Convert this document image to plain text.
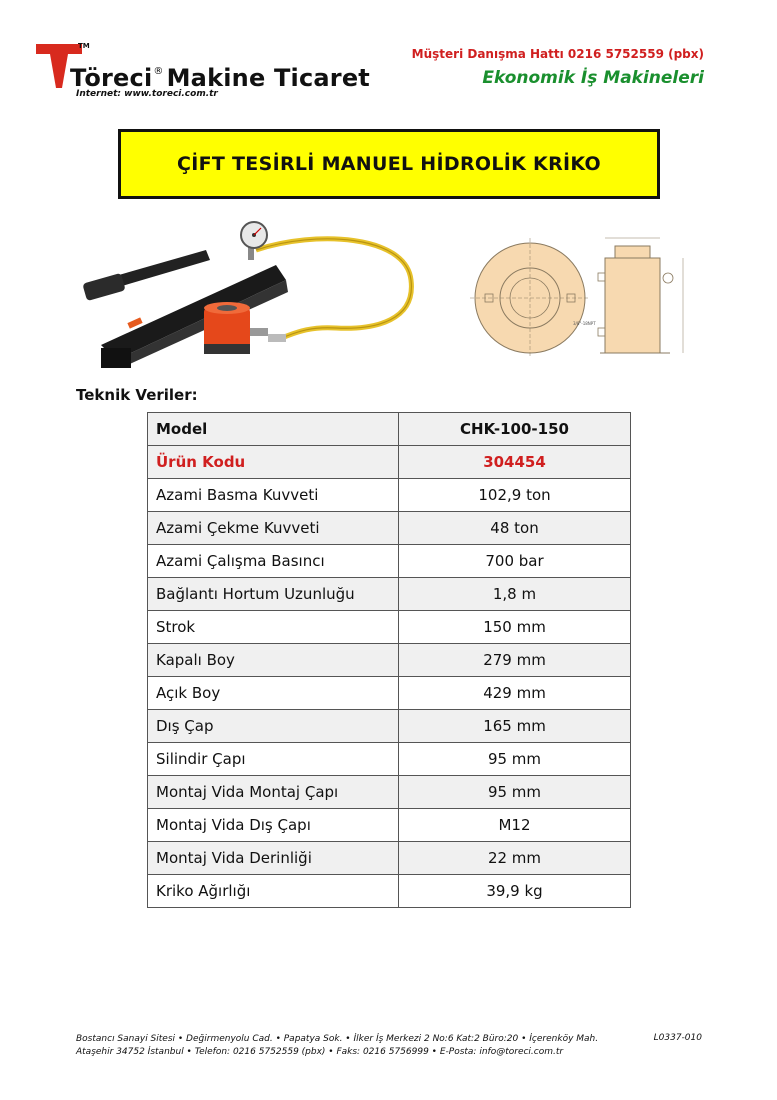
TM
Töreci® Makine Ticaret
Internet: www.toreci.com.tr
Müşteri Danışma Hattı 0216 5752559 (pbx)
Ekonomik İş Makineleri
ÇİFT TESİRLİ MANUEL HİDROLİK KRİKO
3/8"-18NPT
Teknik Veriler:
Model	CHK-100-150
Ürün Kodu	304454
Azami Basma Kuvveti	102,9 ton
Azami Çekme Kuvveti	48 ton
Azami Çalışma Basıncı	700 bar
Bağlantı Hortum Uzunluğu	1,8 m
Strok	150 mm
Kapalı Boy	279 mm
Açık Boy	429 mm
Dış Çap	165 mm
Silindir Çapı	95 mm
Montaj Vida Montaj Çapı	95 mm
Montaj Vida Dış Çapı	M12
Montaj Vida Derinliği	22 mm
Kriko Ağırlığı	39,9 kg
Bostancı Sanayi Sitesi • Değirmenyolu Cad. • Papatya Sok. • İlker İş Merkezi 2 No:6 Kat:2 Büro:20 • İçerenköy Mah.
Ataşehir 34752 İstanbul • Telefon: 0216 5752559 (pbx) • Faks: 0216 5756999 • E-Posta: info@toreci.com.tr
L0337-010
